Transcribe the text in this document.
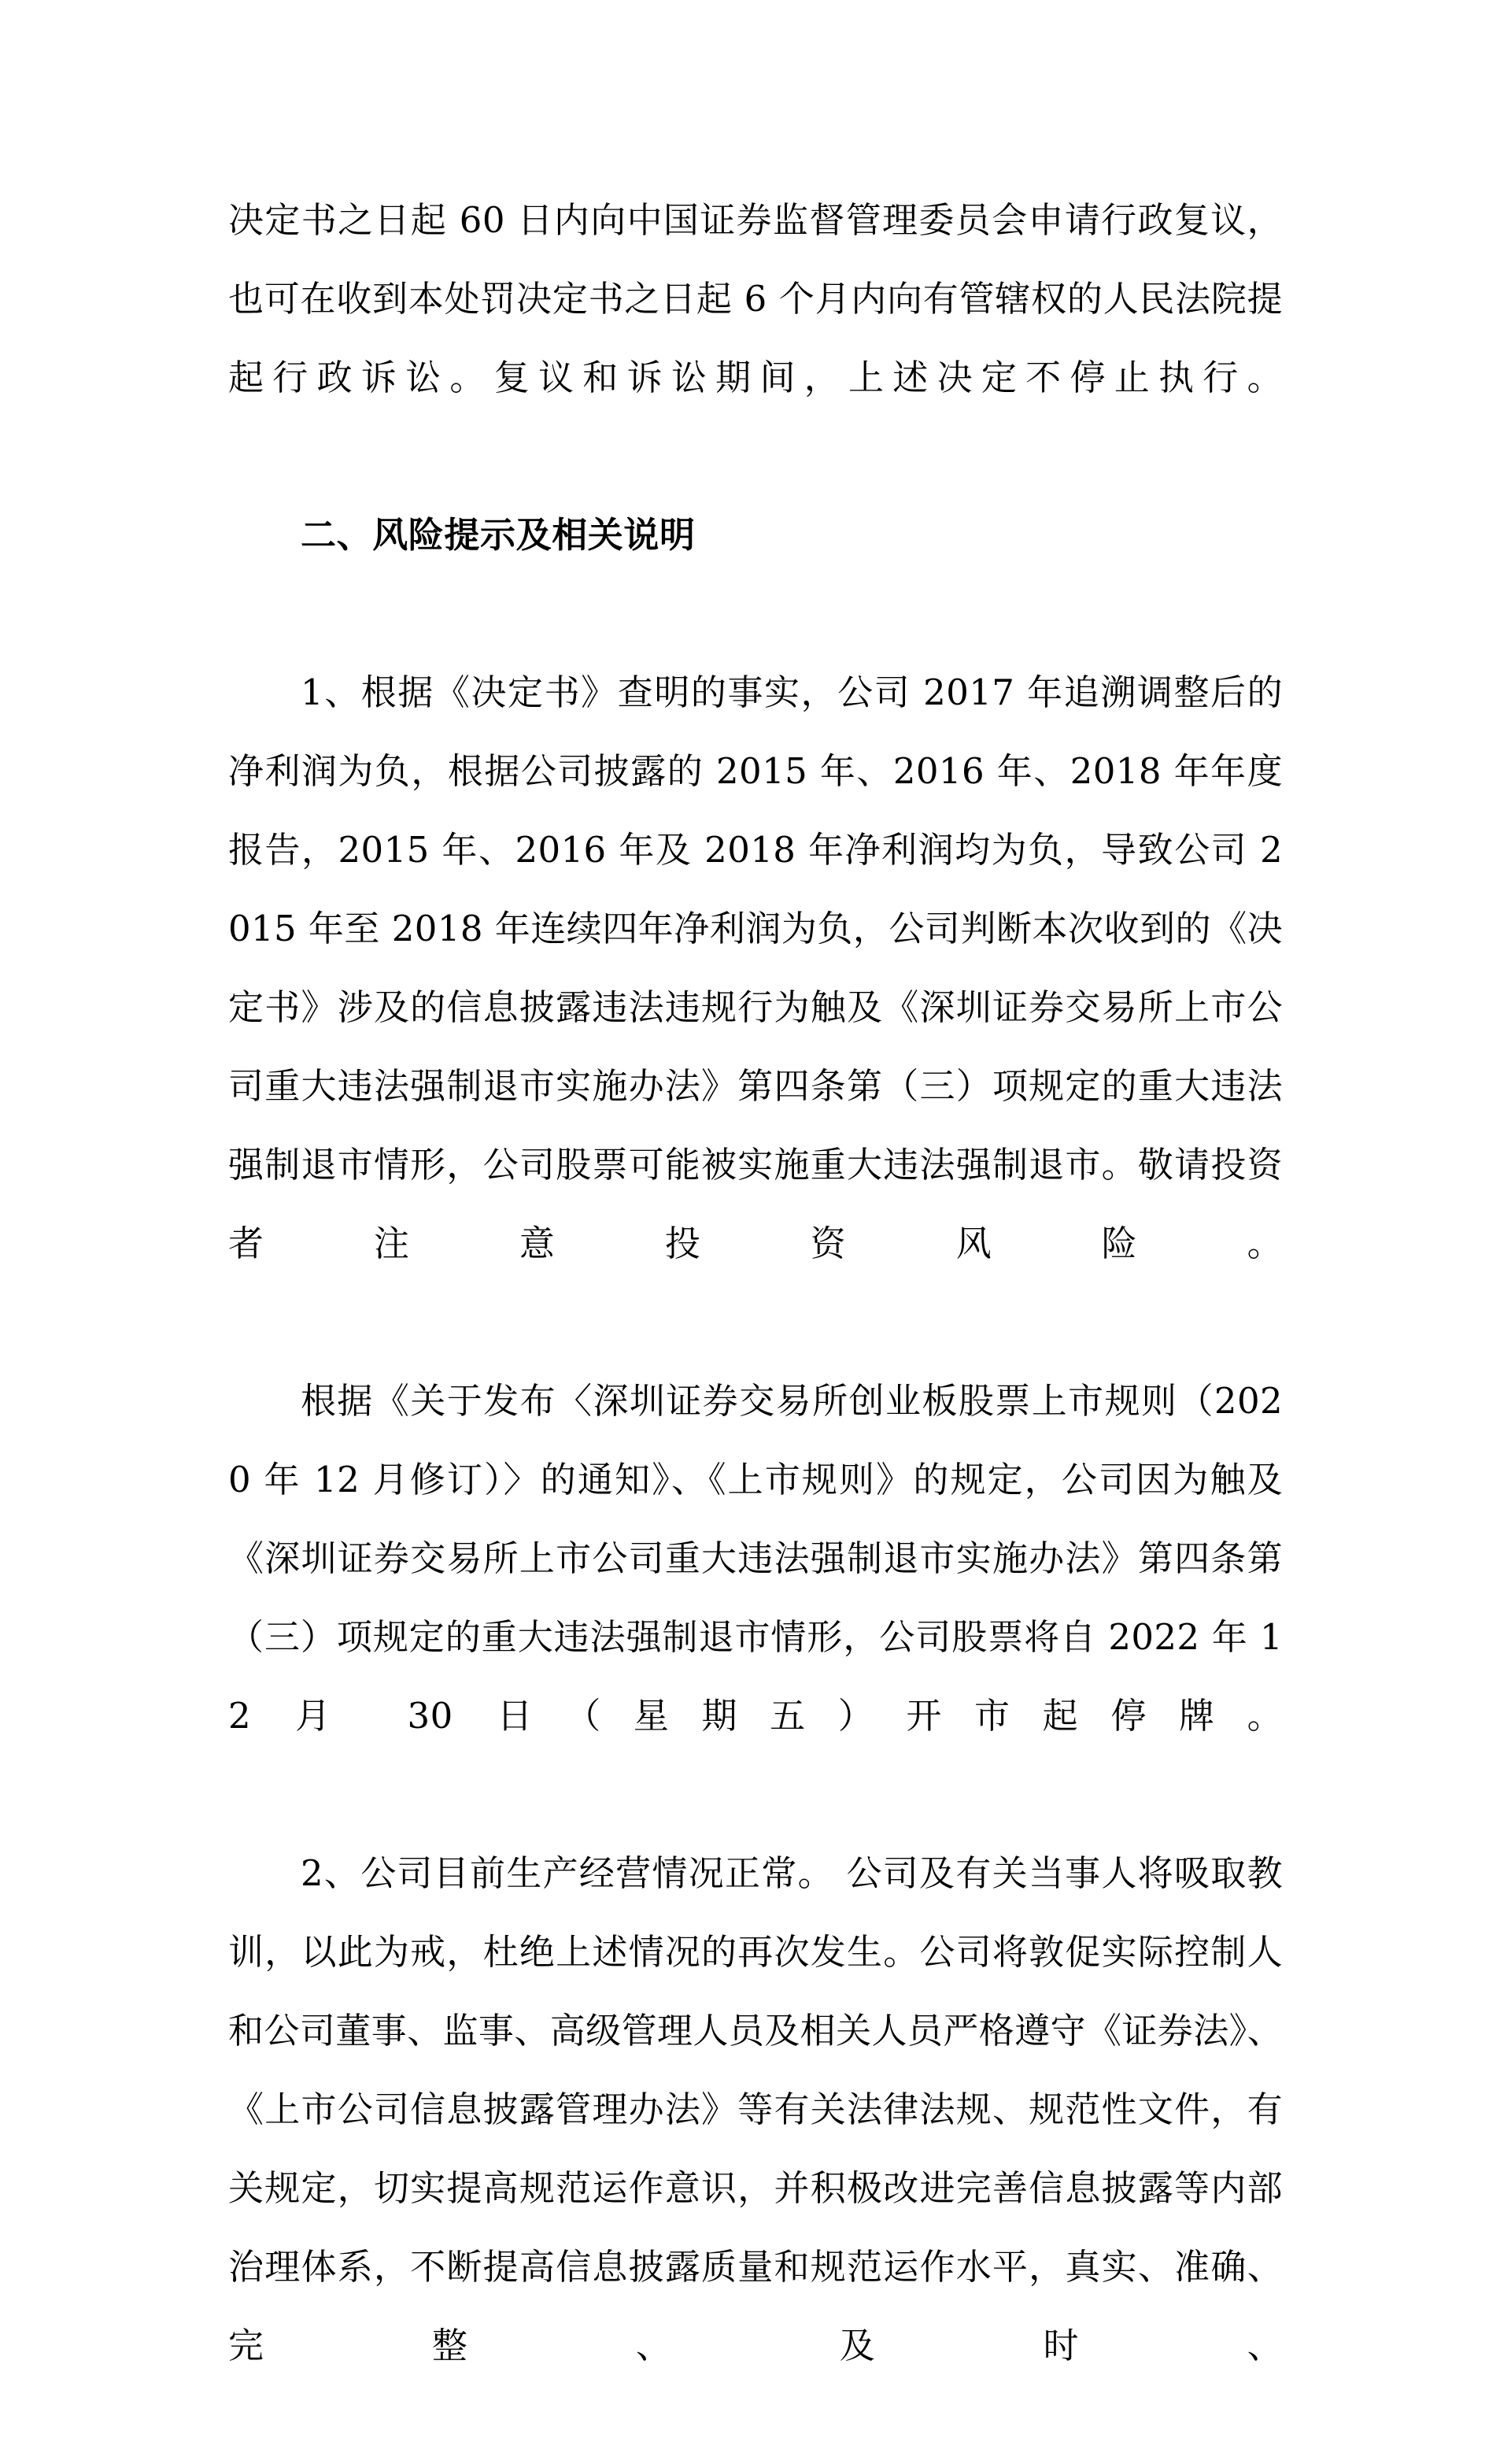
决定书之日起 60 日内向中国证券监督管理委员会申请行政复议，也可在收到本处罚决定书之日起 6 个月内向有管辖权的人民法院提起行政诉讼。复议和诉讼期间，上述决定不停止执行。

二、风险提示及相关说明

1、根据《决定书》查明的事实，公司 2017 年追溯调整后的净利润为负，根据公司披露的 2015 年、2016 年、2018 年年度报告，2015 年、2016 年及 2018 年净利润均为负，导致公司 2015 年至 2018 年连续四年净利润为负，公司判断本次收到的《决定书》涉及的信息披露违法违规行为触及《深圳证券交易所上市公司重大违法强制退市实施办法》第四条第（三）项规定的重大违法强制退市情形，公司股票可能被实施重大违法强制退市。敬请投资者注意投资风险。

根据《关于发布〈深圳证券交易所创业板股票上市规则（2020 年 12 月修订）〉的通知》、《上市规则》的规定，公司因为触及《深圳证券交易所上市公司重大违法强制退市实施办法》第四条第（三）项规定的重大违法强制退市情形，公司股票将自 2022 年 12 月 30 日（星期五）开市起停牌。

2、公司目前生产经营情况正常。 公司及有关当事人将吸取教训，以此为戒，杜绝上述情况的再次发生。公司将敦促实际控制人和公司董事、监事、高级管理人员及相关人员严格遵守《证券法》、《上市公司信息披露管理办法》等有关法律法规、规范性文件，有关规定，切实提高规范运作意识，并积极改进完善信息披露等内部治理体系，不断提高信息披露质量和规范运作水平，真实、准确、完整、及时、
